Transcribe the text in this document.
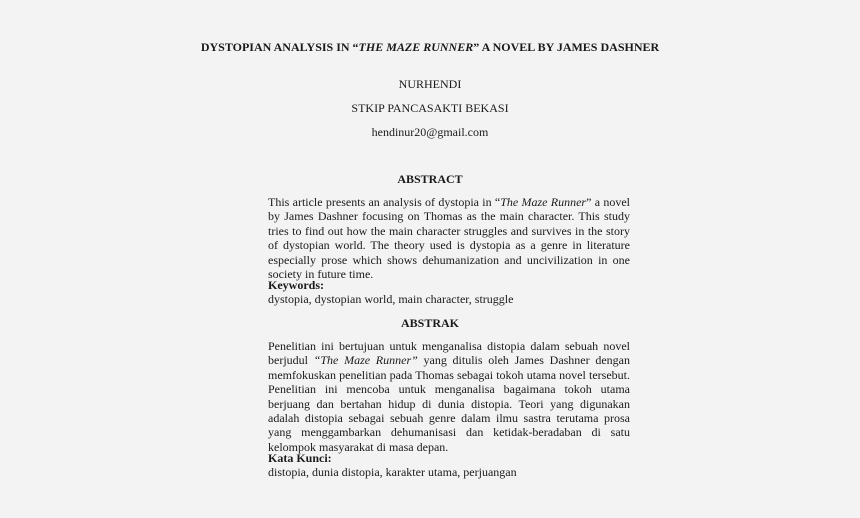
DYSTOPIAN ANALYSIS IN “THE MAZE RUNNER” A NOVEL BY JAMES DASHNER
NURHENDI
STKIP PANCASAKTI BEKASI
hendinur20@gmail.com
ABSTRACT
This article presents an analysis of dystopia in “The Maze Runner” a novel by James Dashner focusing on Thomas as the main character. This study tries to find out how the main character struggles and survives in the story of dystopian world. The theory used is dystopia as a genre in literature especially prose which shows dehumanization and uncivilization in one society in future time.
Keywords:
dystopia, dystopian world, main character, struggle
ABSTRAK
Penelitian ini bertujuan untuk menganalisa distopia dalam sebuah novel berjudul “The Maze Runner” yang ditulis oleh James Dashner dengan memfokuskan penelitian pada Thomas sebagai tokoh utama novel tersebut. Penelitian ini mencoba untuk menganalisa bagaimana tokoh utama berjuang dan bertahan hidup di dunia distopia. Teori yang digunakan adalah distopia sebagai sebuah genre dalam ilmu sastra terutama prosa yang menggambarkan dehumanisasi dan ketidak-beradaban di satu kelompok masyarakat di masa depan.
Kata Kunci:
distopia, dunia distopia, karakter utama, perjuangan
